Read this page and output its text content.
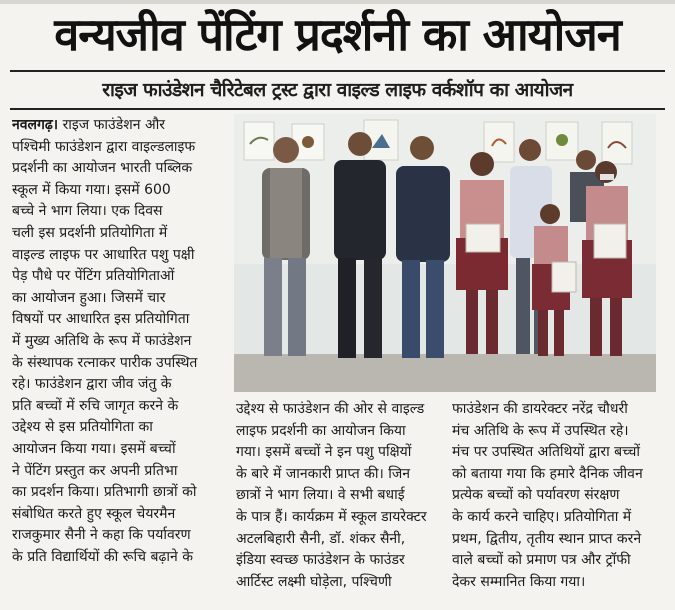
वन्यजीव पेंटिंग प्रदर्शनी का आयोजन
राइज फाउंडेशन चैरिटेबल ट्रस्ट द्वारा वाइल्ड लाइफ वर्कशॉप का आयोजन
नवलगढ़। राइज फाउंडेशन और
पश्चिमी फाउंडेशन द्वारा वाइल्डलाइफ
प्रदर्शनी का आयोजन भारती पब्लिक
स्कूल में किया गया। इसमें 600
बच्चे ने भाग लिया। एक दिवस
चली इस प्रदर्शनी प्रतियोगिता में
वाइल्ड लाइफ पर आधारित पशु पक्षी
पेड़ पौधे पर पेंटिंग प्रतियोगिताओं
का आयोजन हुआ। जिसमें चार
विषयों पर आधारित इस प्रतियोगिता
में मुख्य अतिथि के रूप में फाउंडेशन
के संस्थापक रत्नाकर पारीक उपस्थित
रहे। फाउंडेशन द्वारा जीव जंतु के
प्रति बच्चों में रुचि जागृत करने के
उद्देश्य से इस प्रतियोगिता का
आयोजन किया गया। इसमें बच्चों
ने पेंटिंग प्रस्तुत कर अपनी प्रतिभा
का प्रदर्शन किया। प्रतिभागी छात्रों को
संबोधित करते हुए स्कूल चेयरमैन
राजकुमार सैनी ने कहा कि पर्यावरण
के प्रति विद्यार्थियों की रूचि बढ़ाने के
उद्देश्य से फाउंडेशन की ओर से वाइल्ड
लाइफ प्रदर्शनी का आयोजन किया
गया। इसमें बच्चों ने इन पशु पक्षियों
के बारे में जानकारी प्राप्त की। जिन
छात्रों ने भाग लिया। वे सभी बधाई
के पात्र हैं। कार्यक्रम में स्कूल डायरेक्टर
अटलबिहारी सैनी, डॉ. शंकर सैनी,
इंडिया स्वच्छ फाउंडेशन के फाउंडर
आर्टिस्ट लक्ष्मी घोड़ेला, पश्चिणी
फाउंडेशन की डायरेक्टर नरेंद्र चौधरी
मंच अतिथि के रूप में उपस्थित रहे।
मंच पर उपस्थित अतिथियों द्वारा बच्चों
को बताया गया कि हमारे दैनिक जीवन
प्रत्येक बच्चों को पर्यावरण संरक्षण
के कार्य करने चाहिए। प्रतियोगिता में
प्रथम, द्वितीय, तृतीय स्थान प्राप्त करने
वाले बच्चों को प्रमाण पत्र और ट्रॉफी
देकर सम्मानित किया गया।
